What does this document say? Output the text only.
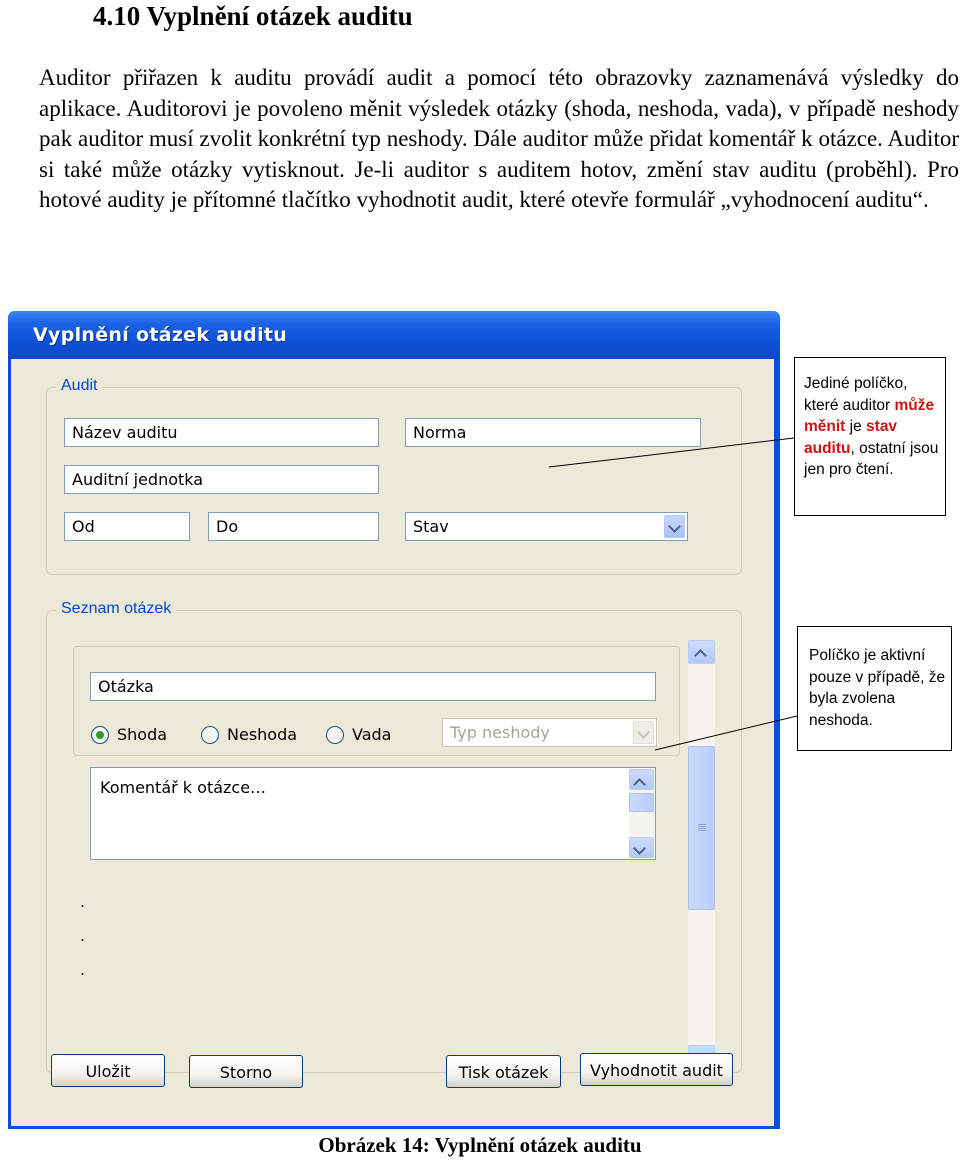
4.10 Vyplnění otázek auditu

Auditor přiřazen k auditu provádí audit a pomocí této obrazovky zaznamenává výsledky do aplikace. Auditorovi je povoleno měnit výsledek otázky (shoda, neshoda, vada), v případě neshody pak auditor musí zvolit konkrétní typ neshody. Dále auditor může přidat komentář k otázce. Auditor si také může otázky vytisknout. Je-li auditor s auditem hotov, změní stav auditu (proběhl). Pro hotové audity je přítomné tlačítko vyhodnotit audit, které otevře formulář „vyhodnocení auditu“.

Vyplnění otázek auditu
Audit
Název auditu	Norma
Auditní jednotka
Od	Do	Stav
Seznam otázek
Otázka
Shoda	Neshoda	Vada	Typ neshody
Komentář k otázce…
.
.
.
Uložit	Storno	Tisk otázek	Vyhodnotit audit
Jediné políčko, které auditor může měnit je stav auditu, ostatní jsou jen pro čtení.
Políčko je aktivní pouze v případě, že byla zvolena neshoda.
Obrázek 14: Vyplnění otázek auditu
